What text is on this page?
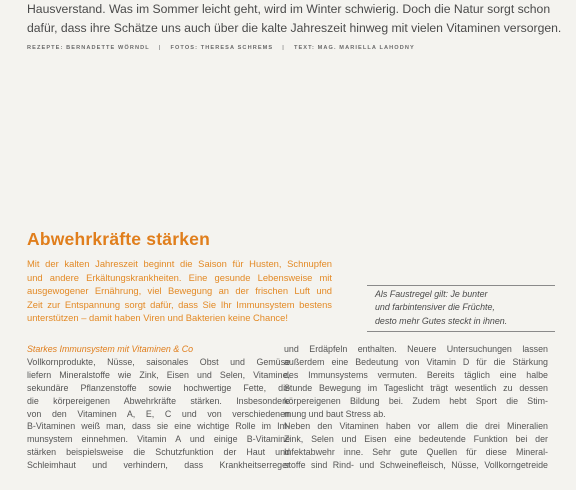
Hausverstand. Was im Sommer leicht geht, wird im Winter schwierig. Doch die Natur sorgt schon
dafür, dass ihre Schätze uns auch über die kalte Jahreszeit hinweg mit vielen Vitaminen versorgen.
REZEPTE: BERNADETTE WÖRNDL | FOTOS: THERESA SCHREMS | TEXT: MAG. MARIELLA LAHODNY
Abwehrkräfte stärken
Mit der kalten Jahreszeit beginnt die Saison für Husten, Schnupfen
und andere Erkältungskrankheiten. Eine gesunde Lebensweise mit
ausgewogener Ernährung, viel Bewegung an der frischen Luft und
Zeit zur Entspannung sorgt dafür, dass Sie Ihr Immunsystem bestens
unterstützen – damit haben Viren und Bakterien keine Chance!
Als Faustregel gilt: Je bunter
und farbintensiver die Früchte,
desto mehr Gutes steckt in ihnen.
Starkes Immunsystem mit Vitaminen & Co
Vollkornprodukte, Nüsse, saisonales Obst und Gemüse
liefern Mineralstoffe wie Zink, Eisen und Selen, Vitamine,
sekundäre Pflanzenstoffe sowie hochwertige Fette, die
die körpereigenen Abwehrkräfte stärken. Insbesondere
von den Vitaminen A, E, C und von verschiedenen
B-Vitaminen weiß man, dass sie eine wichtige Rolle im Im-
munsystem einnehmen. Vitamin A und einige B-Vitamine
stärken beispielsweise die Schutzfunktion der Haut und
Schleimhaut und verhindern, dass Krankheitserreger
und Erdäpfeln enthalten. Neuere Untersuchungen lassen
außerdem eine Bedeutung von Vitamin D für die Stärkung
des Immunsystems vermuten. Bereits täglich eine halbe
Stunde Bewegung im Tageslicht trägt wesentlich zu dessen
körpereigenen Bildung bei. Zudem hebt Sport die Stim-
mung und baut Stress ab.
Neben den Vitaminen haben vor allem die drei Mineralien
Zink, Selen und Eisen eine bedeutende Funktion bei der
Infektabwehr inne. Sehr gute Quellen für diese Mineral-
stoffe sind Rind- und Schweinefleisch, Nüsse, Vollkorngetreide
